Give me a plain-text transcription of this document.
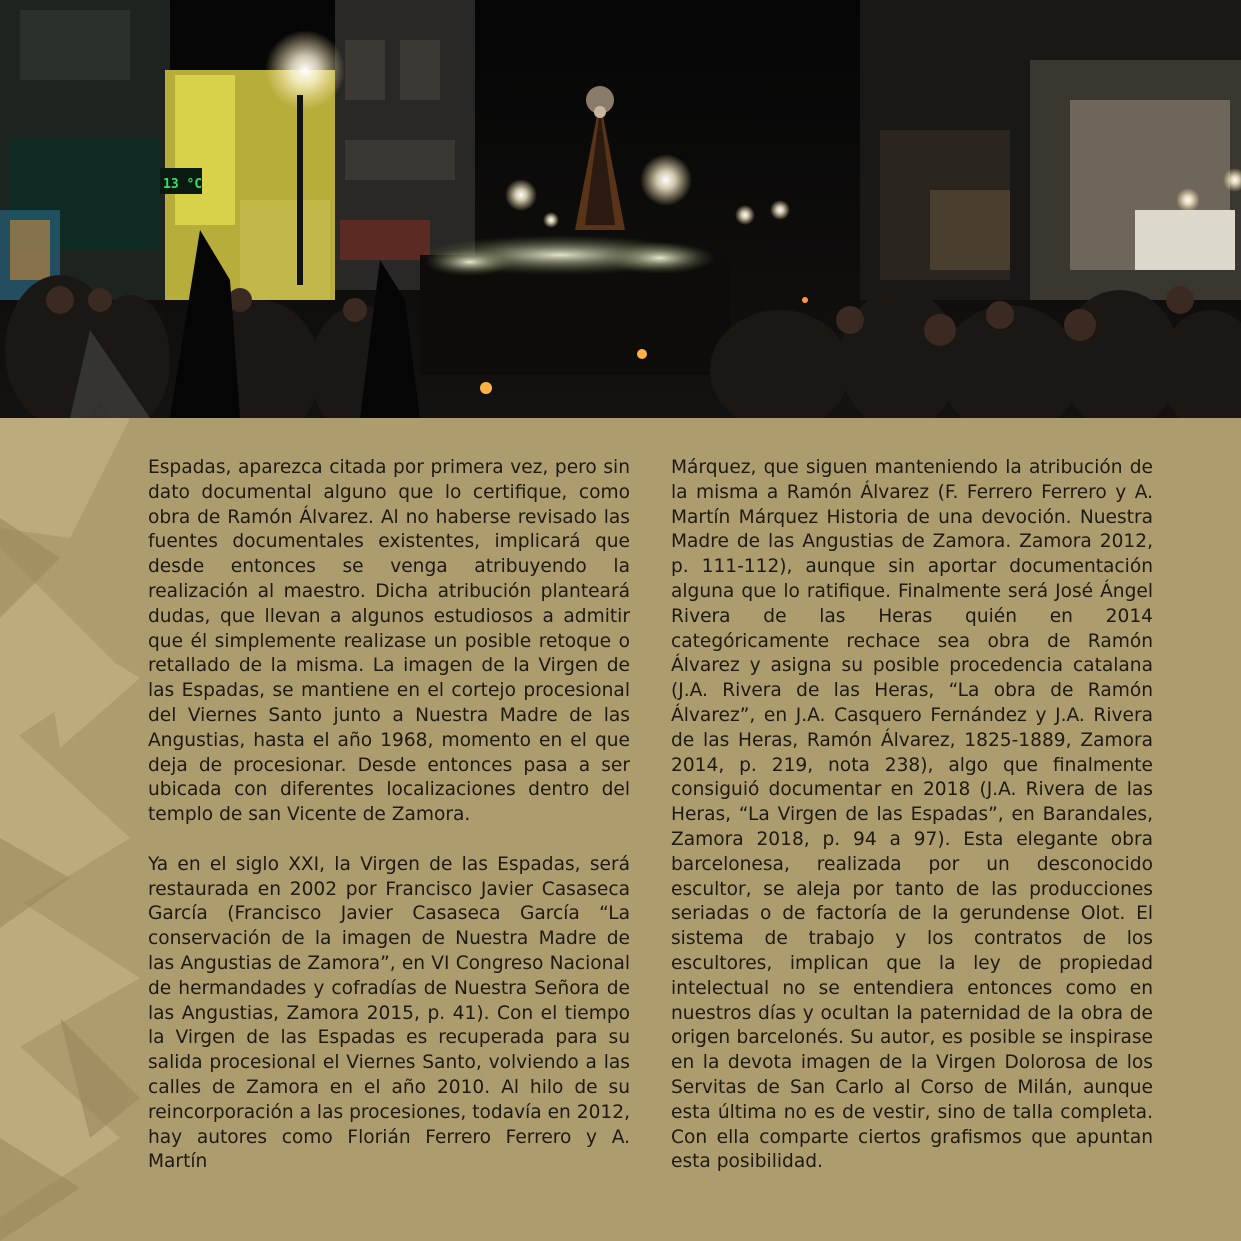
13 °C

Espadas, aparezca citada por primera vez, pero sin dato documental alguno que lo certifique, como obra de Ramón Álvarez. Al no haberse revisado las fuentes documentales existentes, implicará que desde entonces se venga atribuyendo la realización al maestro. Dicha atribución planteará dudas, que llevan a algunos estudiosos a admitir que él simplemente realizase un posible retoque o retallado de la misma. La imagen de la Virgen de las Espadas, se mantiene en el cortejo procesional del Viernes Santo junto a Nuestra Madre de las Angustias, hasta el año 1968, momento en el que deja de procesionar. Desde entonces pasa a ser ubicada con diferentes localizaciones dentro del templo de san Vicente de Zamora.

Ya en el siglo XXI, la Virgen de las Espadas, será restaurada en 2002 por Francisco Javier Casaseca García (Francisco Javier Casaseca García “La conservación de la imagen de Nuestra Madre de las Angustias de Zamora”, en VI Congreso Nacional de hermandades y cofradías de Nuestra Señora de las Angustias, Zamora 2015, p. 41). Con el tiempo la Virgen de las Espadas es recuperada para su salida procesional el Viernes Santo, volviendo a las calles de Zamora en el año 2010. Al hilo de su reincorporación a las procesiones, todavía en 2012, hay autores como Florián Ferrero Ferrero y A. Martín

Márquez, que siguen manteniendo la atribución de la misma a Ramón Álvarez (F. Ferrero Ferrero y A. Martín Márquez Historia de una devoción. Nuestra Madre de las Angustias de Zamora. Zamora 2012, p. 111-112), aunque sin aportar documentación alguna que lo ratifique. Finalmente será José Ángel Rivera de las Heras quién en 2014 categóricamente rechace sea obra de Ramón Álvarez y asigna su posible procedencia catalana (J.A. Rivera de las Heras, “La obra de Ramón Álvarez”, en J.A. Casquero Fernández y J.A. Rivera de las Heras, Ramón Álvarez, 1825-1889, Zamora 2014, p. 219, nota 238), algo que finalmente consiguió documentar en 2018 (J.A. Rivera de las Heras, “La Virgen de las Espadas”, en Barandales, Zamora 2018, p. 94 a 97). Esta elegante obra barcelonesa, realizada por un desconocido escultor, se aleja por tanto de las producciones seriadas o de factoría de la gerundense Olot. El sistema de trabajo y los contratos de los escultores, implican que la ley de propiedad intelectual no se entendiera entonces como en nuestros días y ocultan la paternidad de la obra de origen barcelonés. Su autor, es posible se inspirase en la devota imagen de la Virgen Dolorosa de los Servitas de San Carlo al Corso de Milán, aunque esta última no es de vestir, sino de talla completa. Con ella comparte ciertos grafismos que apuntan esta posibilidad.
